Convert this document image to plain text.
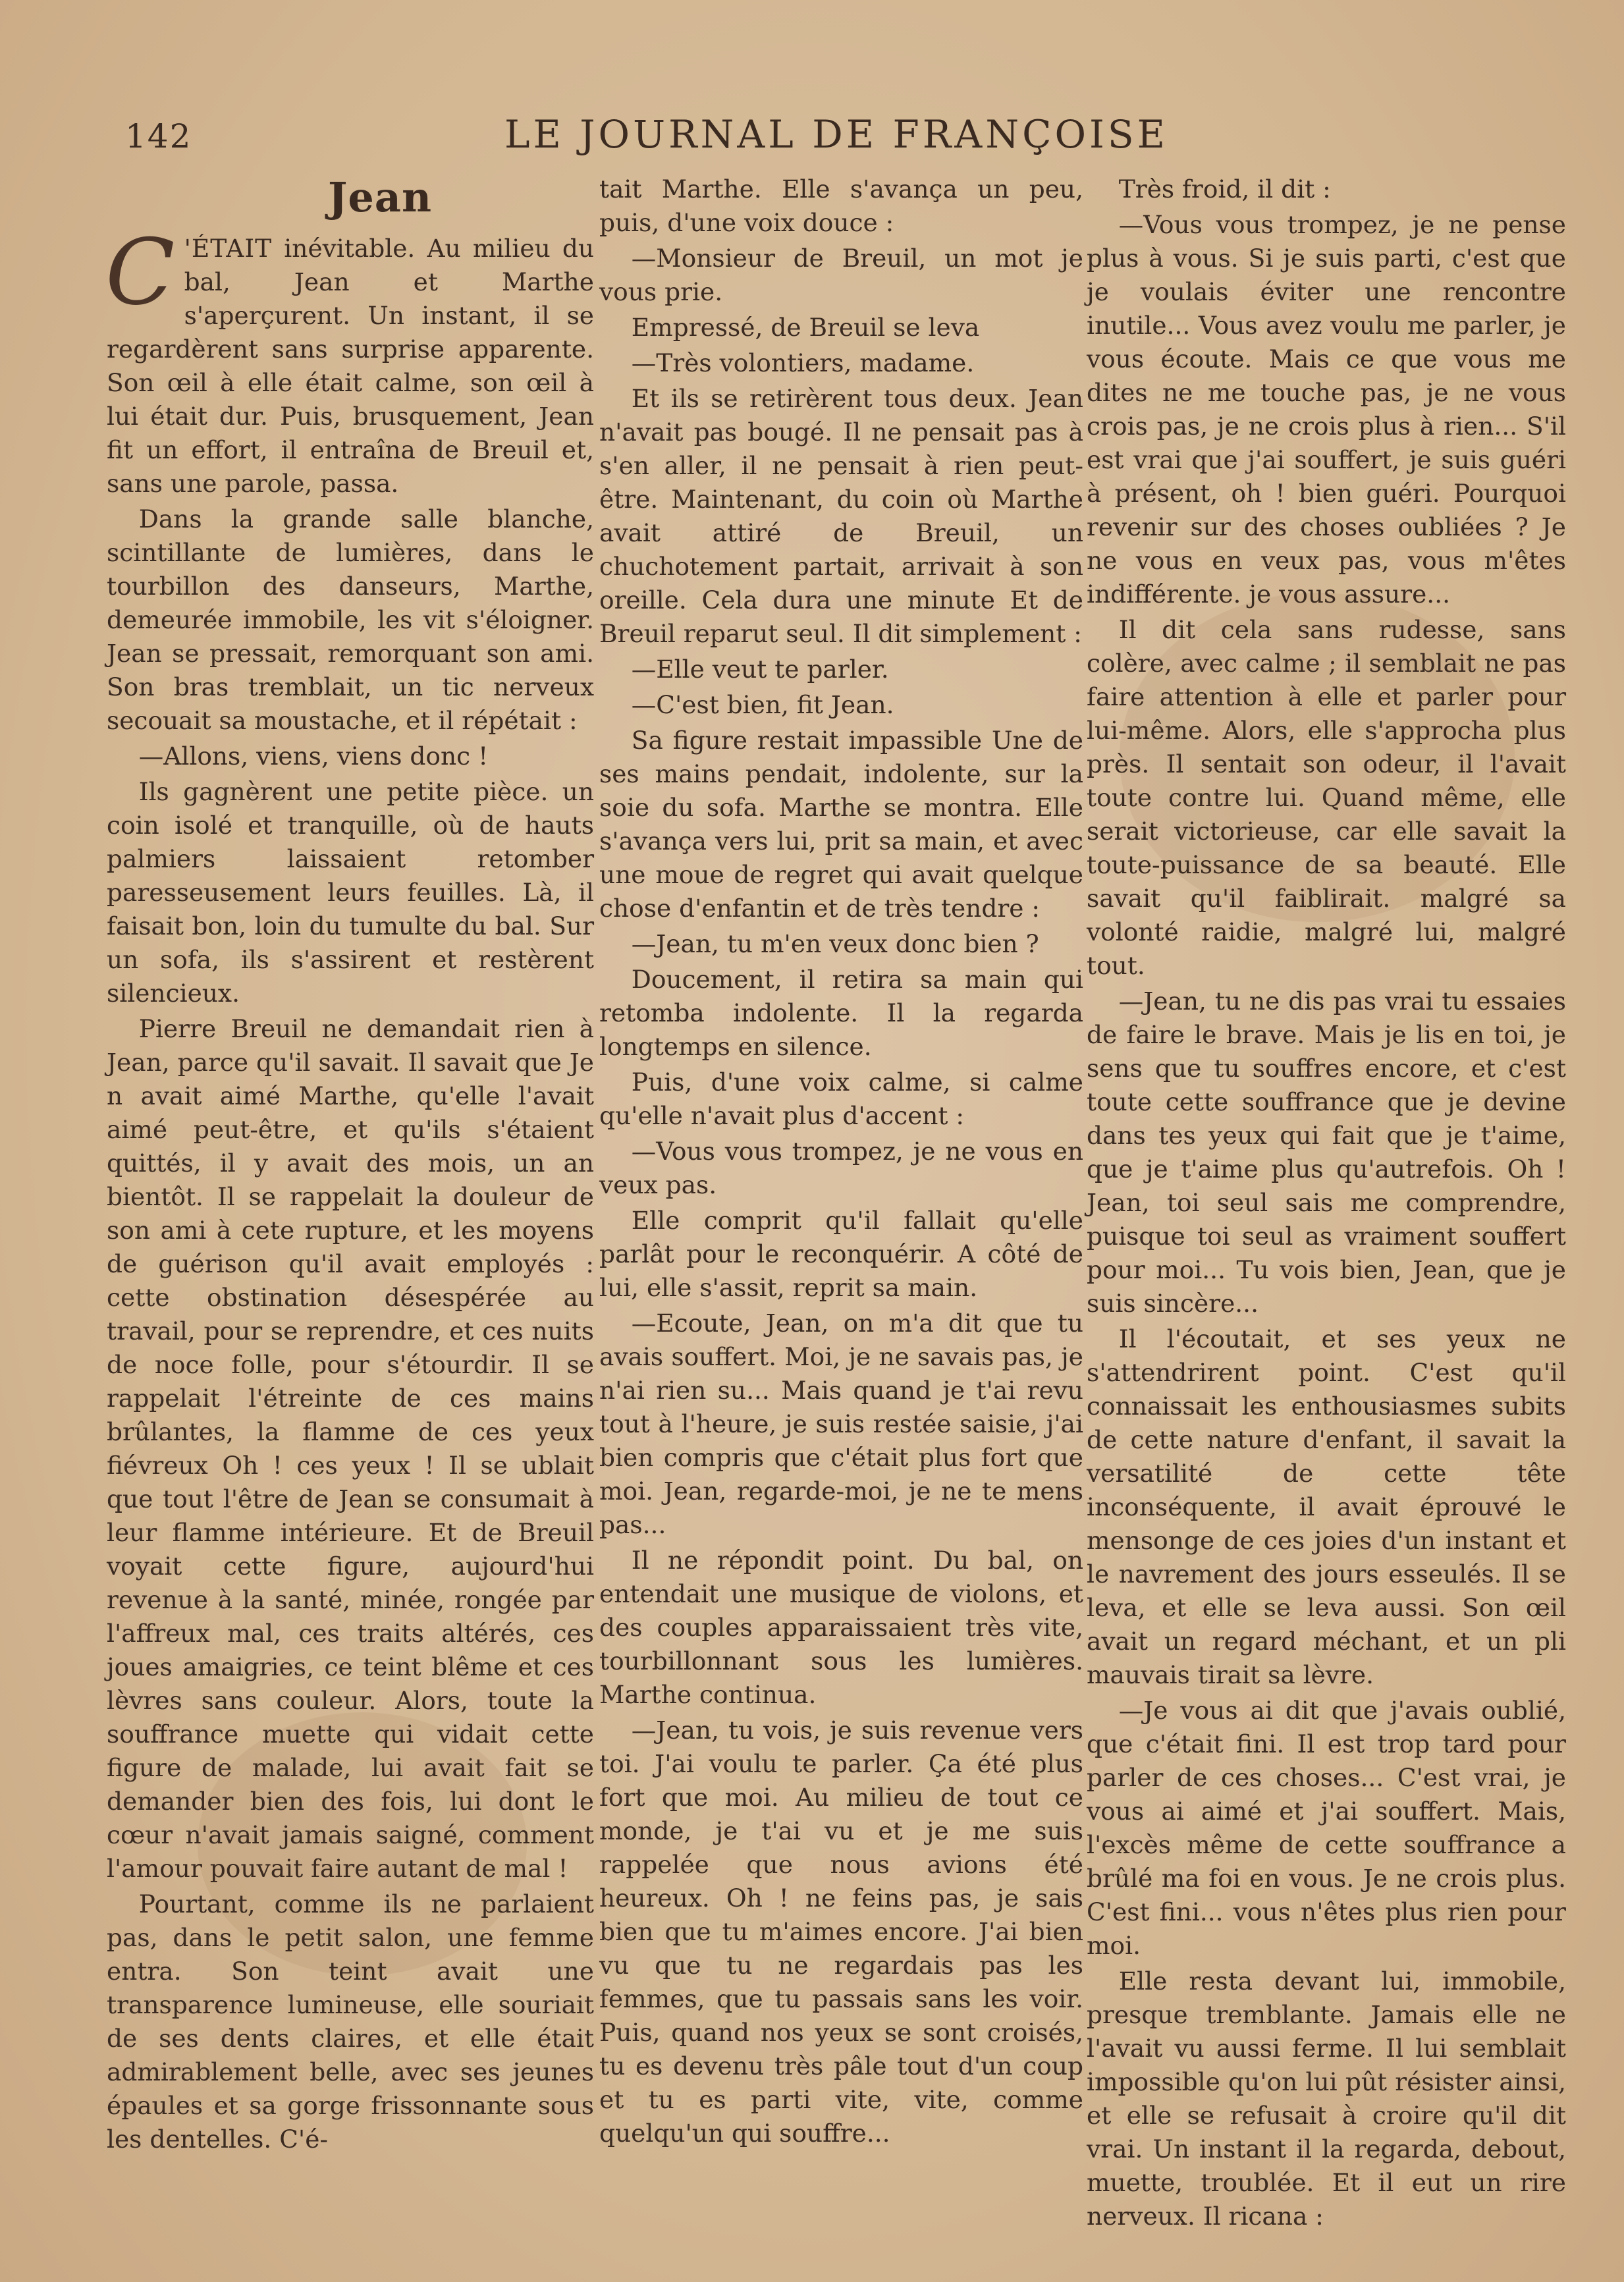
142	LE JOURNAL DE FRANÇOISE
Jean

C 'ÉTAIT inévitable. Au milieu du bal, Jean et Marthe s'aperçurent. Un instant, il se regardèrent sans surprise apparente. Son œil à elle était calme, son œil à lui était dur. Puis, brusquement, Jean fit un effort, il entraîna de Breuil et, sans une parole, passa.

Dans la grande salle blanche, scintillante de lumières, dans le tourbillon des danseurs, Marthe, demeurée immobile, les vit s'éloigner. Jean se pressait, remorquant son ami. Son bras tremblait, un tic nerveux secouait sa moustache, et il répétait :

—Allons, viens, viens donc !

Ils gagnèrent une petite pièce. un coin isolé et tranquille, où de hauts palmiers laissaient retomber paresseusement leurs feuilles. Là, il faisait bon, loin du tumulte du bal. Sur un sofa, ils s'assirent et restèrent silencieux.

Pierre Breuil ne demandait rien à Jean, parce qu'il savait. Il savait que Je n avait aimé Marthe, qu'elle l'avait aimé peut-être, et qu'ils s'étaient quittés, il y avait des mois, un an bientôt. Il se rappelait la douleur de son ami à cete rupture, et les moyens de guérison qu'il avait employés : cette obstination désespérée au travail, pour se reprendre, et ces nuits de noce folle, pour s'étourdir. Il se rappelait l'étreinte de ces mains brûlantes, la flamme de ces yeux fiévreux Oh ! ces yeux ! Il se ublait que tout l'être de Jean se consumait à leur flamme intérieure. Et de Breuil voyait cette figure, aujourd'hui revenue à la santé, minée, rongée par l'affreux mal, ces traits altérés, ces joues amaigries, ce teint blême et ces lèvres sans couleur. Alors, toute la souffrance muette qui vidait cette figure de malade, lui avait fait se demander bien des fois, lui dont le cœur n'avait jamais saigné, comment l'amour pouvait faire autant de mal !

Pourtant, comme ils ne parlaient pas, dans le petit salon, une femme entra. Son teint avait une transparence lumineuse, elle souriait de ses dents claires, et elle était admirablement belle, avec ses jeunes épaules et sa gorge frissonnante sous les dentelles. C'é-

tait Marthe. Elle s'avança un peu, puis, d'une voix douce :

—Monsieur de Breuil, un mot je vous prie.

Empressé, de Breuil se leva

—Très volontiers, madame.

Et ils se retirèrent tous deux. Jean n'avait pas bougé. Il ne pensait pas à s'en aller, il ne pensait à rien peut-être. Maintenant, du coin où Marthe avait attiré de Breuil, un chuchotement partait, arrivait à son oreille. Cela dura une minute Et de Breuil reparut seul. Il dit simplement :

—Elle veut te parler.

—C'est bien, fit Jean.

Sa figure restait impassible Une de ses mains pendait, indolente, sur la soie du sofa. Marthe se montra. Elle s'avança vers lui, prit sa main, et avec une moue de regret qui avait quelque chose d'enfantin et de très tendre :

—Jean, tu m'en veux donc bien ?

Doucement, il retira sa main qui retomba indolente. Il la regarda longtemps en silence.

Puis, d'une voix calme, si calme qu'elle n'avait plus d'accent :

—Vous vous trompez, je ne vous en veux pas.

Elle comprit qu'il fallait qu'elle parlât pour le reconquérir. A côté de lui, elle s'assit, reprit sa main.

—Ecoute, Jean, on m'a dit que tu avais souffert. Moi, je ne savais pas, je n'ai rien su... Mais quand je t'ai revu tout à l'heure, je suis restée saisie, j'ai bien compris que c'était plus fort que moi. Jean, regarde-moi, je ne te mens pas...

Il ne répondit point. Du bal, on entendait une musique de violons, et des couples apparaissaient très vite, tourbillonnant sous les lumières. Marthe continua.

—Jean, tu vois, je suis revenue vers toi. J'ai voulu te parler. Ça été plus fort que moi. Au milieu de tout ce monde, je t'ai vu et je me suis rappelée que nous avions été heureux. Oh ! ne feins pas, je sais bien que tu m'aimes encore. J'ai bien vu que tu ne regardais pas les femmes, que tu passais sans les voir. Puis, quand nos yeux se sont croisés, tu es devenu très pâle tout d'un coup et tu es parti vite, vite, comme quelqu'un qui souffre...

Très froid, il dit :

—Vous vous trompez, je ne pense plus à vous. Si je suis parti, c'est que je voulais éviter une rencontre inutile... Vous avez voulu me parler, je vous écoute. Mais ce que vous me dites ne me touche pas, je ne vous crois pas, je ne crois plus à rien... S'il est vrai que j'ai souffert, je suis guéri à présent, oh ! bien guéri. Pourquoi revenir sur des choses oubliées ? Je ne vous en veux pas, vous m'êtes indifférente. je vous assure...

Il dit cela sans rudesse, sans colère, avec calme ; il semblait ne pas faire attention à elle et parler pour lui-même. Alors, elle s'approcha plus près. Il sentait son odeur, il l'avait toute contre lui. Quand même, elle serait victorieuse, car elle savait la toute-puissance de sa beauté. Elle savait qu'il faiblirait. malgré sa volonté raidie, malgré lui, malgré tout.

—Jean, tu ne dis pas vrai tu essaies de faire le brave. Mais je lis en toi, je sens que tu souffres encore, et c'est toute cette souffrance que je devine dans tes yeux qui fait que je t'aime, que je t'aime plus qu'autrefois. Oh ! Jean, toi seul sais me comprendre, puisque toi seul as vraiment souffert pour moi... Tu vois bien, Jean, que je suis sincère...

Il l'écoutait, et ses yeux ne s'attendrirent point. C'est qu'il connaissait les enthousiasmes subits de cette nature d'enfant, il savait la versatilité de cette tête inconséquente, il avait éprouvé le mensonge de ces joies d'un instant et le navrement des jours esseulés. Il se leva, et elle se leva aussi. Son œil avait un regard méchant, et un pli mauvais tirait sa lèvre.

—Je vous ai dit que j'avais oublié, que c'était fini. Il est trop tard pour parler de ces choses... C'est vrai, je vous ai aimé et j'ai souffert. Mais, l'excès même de cette souffrance a brûlé ma foi en vous. Je ne crois plus. C'est fini... vous n'êtes plus rien pour moi.

Elle resta devant lui, immobile, presque tremblante. Jamais elle ne l'avait vu aussi ferme. Il lui semblait impossible qu'on lui pût résister ainsi, et elle se refusait à croire qu'il dit vrai. Un instant il la regarda, debout, muette, troublée. Et il eut un rire nerveux. Il ricana :
